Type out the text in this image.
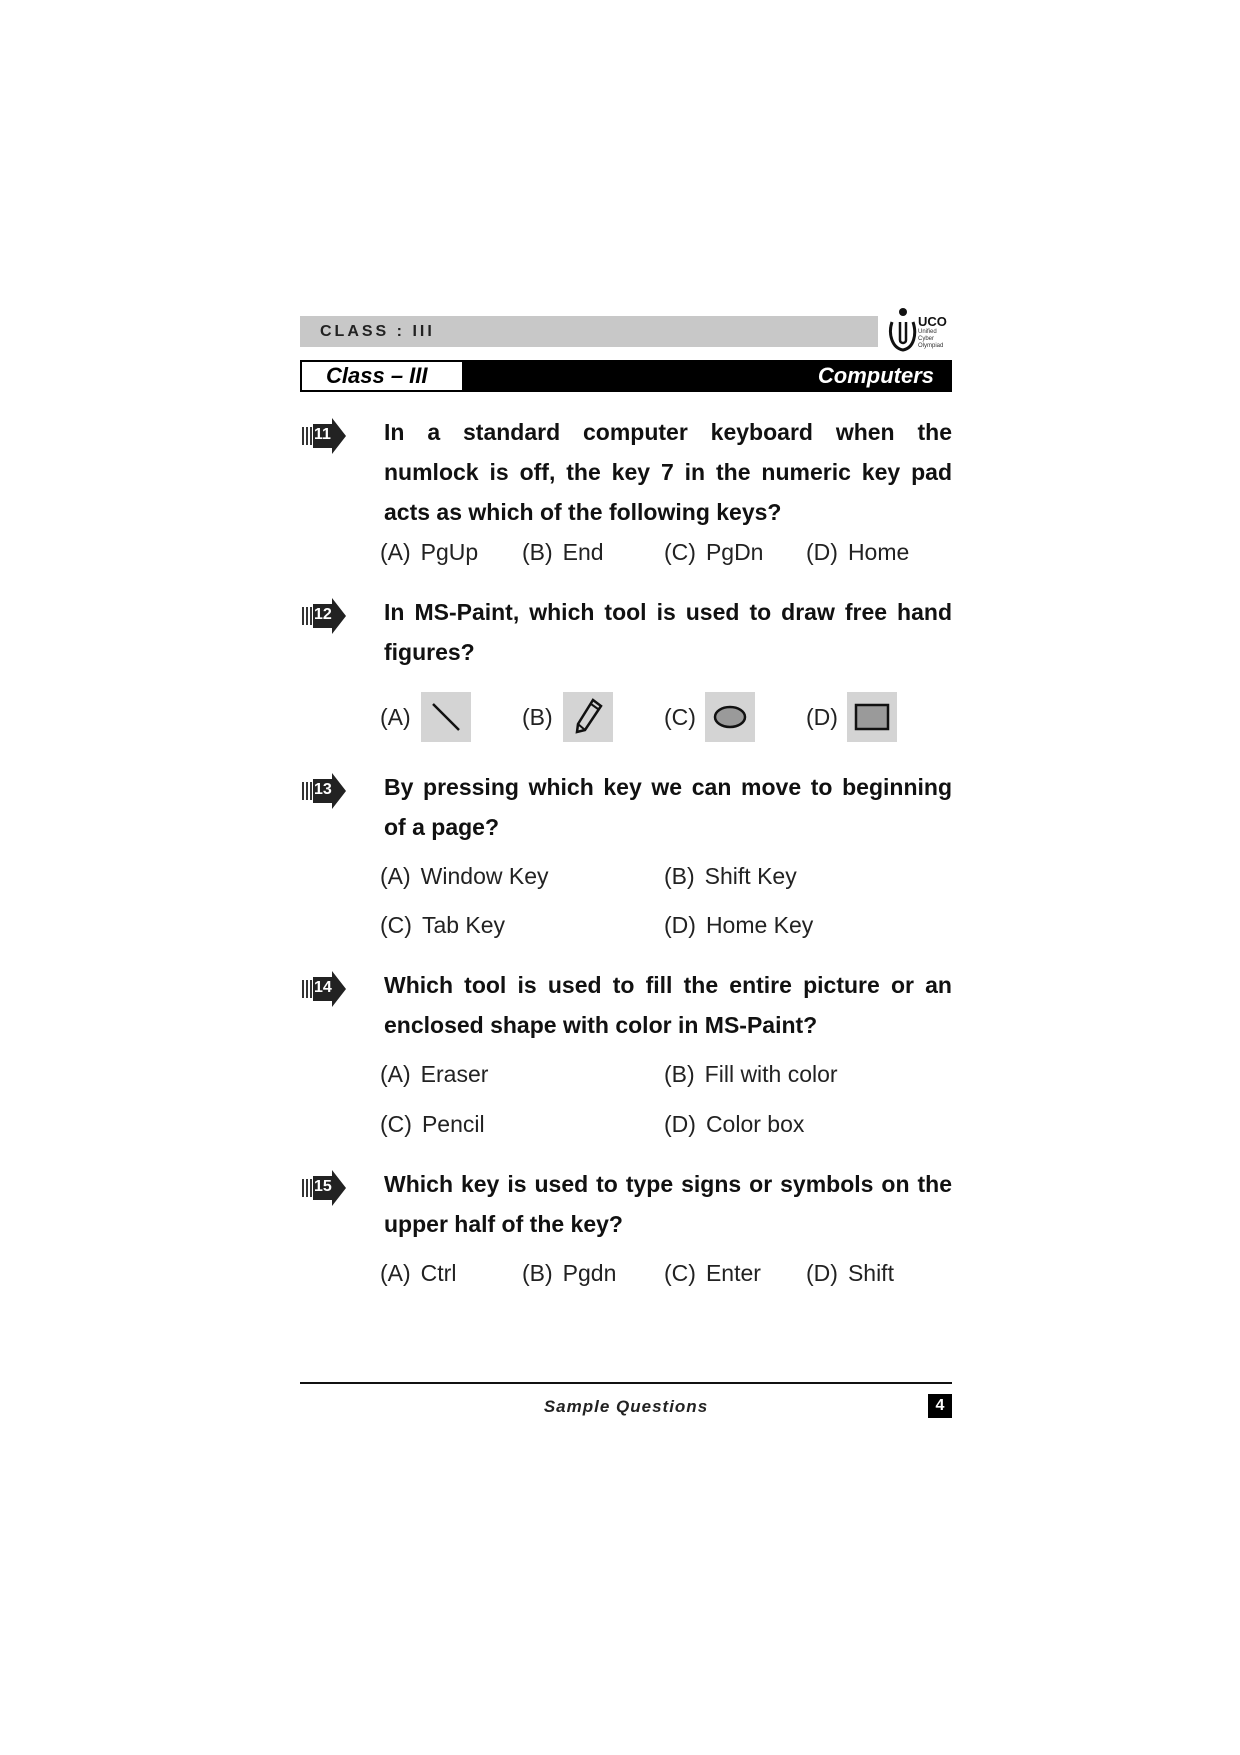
CLASS : III
UCO
Unified Cyber Olympiad
Class – III	Computers
11 In a standard computer keyboard when the numlock is off, the key 7 in the numeric key pad acts as which of the following keys?
(A) PgUp (B) End	(C) PgDn (D) Home
12 In MS-Paint, which tool is used to draw free hand figures?
(A)	(B)	(C)	(D)
13 By pressing which key we can move to beginning of a page?
(A) Window Key	(B) Shift Key
(C) Tab Key	(D) Home Key
14 Which tool is used to fill the entire picture or an enclosed shape with color in MS-Paint?
(A) Eraser	(B) Fill with color
(C) Pencil	(D) Color box
15 Which key is used to type signs or symbols on the upper half of the key?
(A) Ctrl	(B) Pgdn (C) Enter (D) Shift
Sample Questions	4
